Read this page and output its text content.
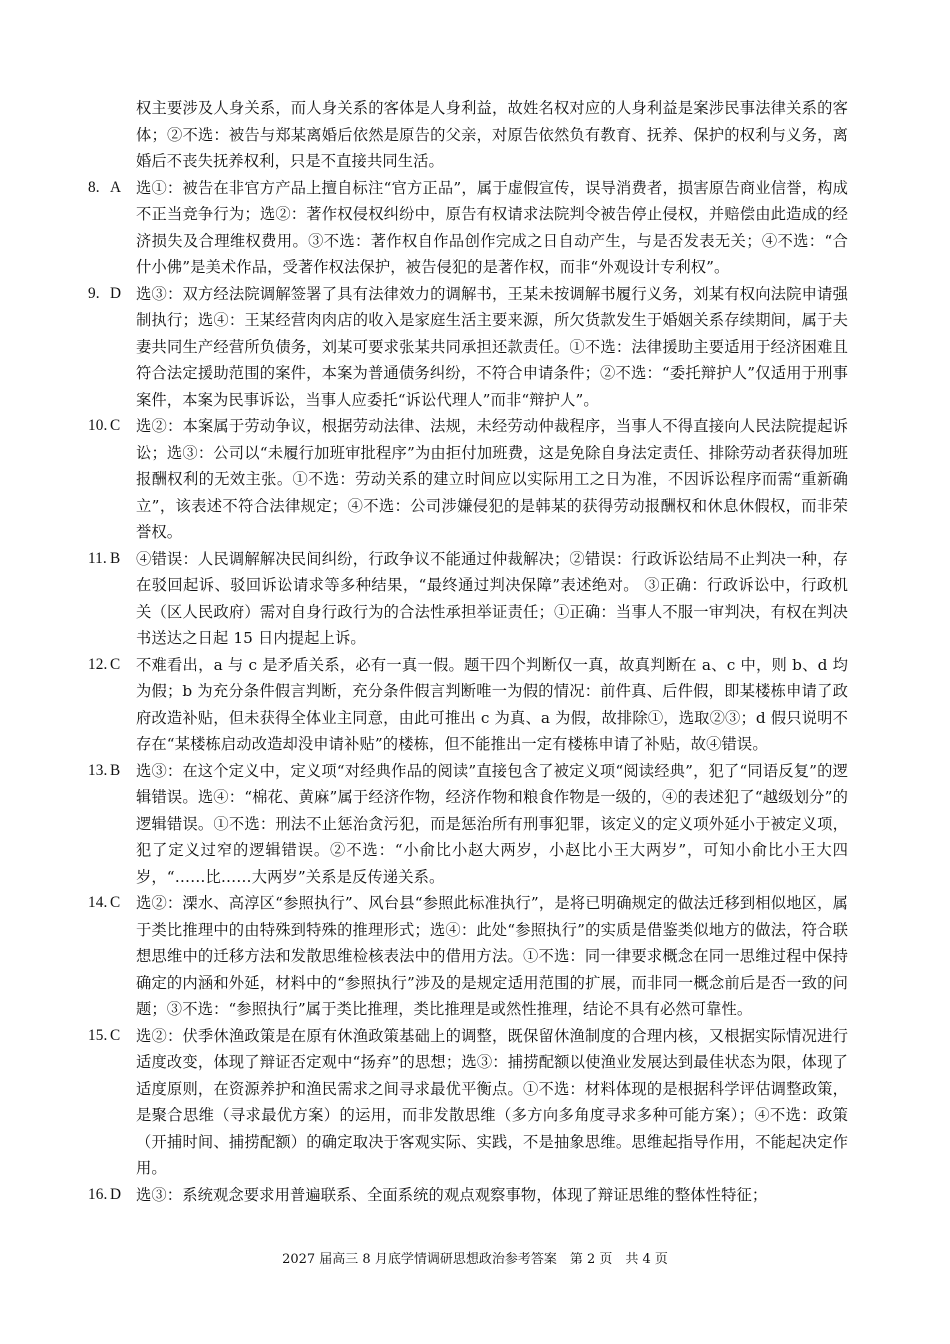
权主要涉及人身关系，而人身关系的客体是人身利益，故姓名权对应的人身利益是案涉民事法律关系的客体；②不选：被告与郑某离婚后依然是原告的父亲，对原告依然负有教育、抚养、保护的权利与义务，离婚后不丧失抚养权利，只是不直接共同生活。
8. A 选①：被告在非官方产品上擅自标注“官方正品”，属于虚假宣传，误导消费者，损害原告商业信誉，构成不正当竞争行为；选②：著作权侵权纠纷中，原告有权请求法院判令被告停止侵权，并赔偿由此造成的经济损失及合理维权费用。③不选：著作权自作品创作完成之日自动产生，与是否发表无关；④不选：“合什小佛”是美术作品，受著作权法保护，被告侵犯的是著作权，而非“外观设计专利权”。
9. D 选③：双方经法院调解签署了具有法律效力的调解书，王某未按调解书履行义务，刘某有权向法院申请强制执行；选④：王某经营肉肉店的收入是家庭生活主要来源，所欠货款发生于婚姻关系存续期间，属于夫妻共同生产经营所负债务，刘某可要求张某共同承担还款责任。①不选：法律援助主要适用于经济困难且符合法定援助范围的案件，本案为普通债务纠纷，不符合申请条件；②不选：“委托辩护人”仅适用于刑事案件，本案为民事诉讼，当事人应委托“诉讼代理人”而非“辩护人”。
10. C	选②：本案属于劳动争议，根据劳动法律、法规，未经劳动仲裁程序，当事人不得直接向人民法院提起诉讼；选③：公司以“未履行加班审批程序”为由拒付加班费，这是免除自身法定责任、排除劳动者获得加班报酬权利的无效主张。①不选：劳动关系的建立时间应以实际用工之日为准，不因诉讼程序而需“重新确立”，该表述不符合法律规定；④不选：公司涉嫌侵犯的是韩某的获得劳动报酬权和休息休假权，而非荣誉权。
11. B	④错误：人民调解解决民间纠纷，行政争议不能通过仲裁解决；②错误：行政诉讼结局不止判决一种，存在驳回起诉、驳回诉讼请求等多种结果，“最终通过判决保障”表述绝对。 ③正确：行政诉讼中，行政机关（区人民政府）需对自身行政行为的合法性承担举证责任；①正确：当事人不服一审判决，有权在判决书送达之日起 15 日内提起上诉。
12. C	不难看出，a 与 c 是矛盾关系，必有一真一假。题干四个判断仅一真，故真判断在 a、c 中，则 b、d 均为假；b 为充分条件假言判断，充分条件假言判断唯一为假的情况：前件真、后件假，即某楼栋申请了政府改造补贴，但未获得全体业主同意，由此可推出 c 为真、a 为假，故排除①，选取②③；d 假只说明不存在“某楼栋启动改造却没申请补贴”的楼栋，但不能推出一定有楼栋申请了补贴，故④错误。
13. B	选③：在这个定义中，定义项“对经典作品的阅读”直接包含了被定义项“阅读经典”，犯了“同语反复”的逻辑错误。选④：“棉花、黄麻”属于经济作物，经济作物和粮食作物是一级的，④的表述犯了“越级划分”的逻辑错误。①不选：刑法不止惩治贪污犯，而是惩治所有刑事犯罪，该定义的定义项外延小于被定义项，犯了定义过窄的逻辑错误。②不选：“小俞比小赵大两岁，小赵比小王大两岁”，可知小俞比小王大四岁，“……比……大两岁”关系是反传递关系。
14. C	选②：溧水、高淳区“参照执行”、风台县“参照此标准执行”，是将已明确规定的做法迁移到相似地区，属于类比推理中的由特殊到特殊的推理形式；选④：此处“参照执行”的实质是借鉴类似地方的做法，符合联想思维中的迁移方法和发散思维检核表法中的借用方法。①不选：同一律要求概念在同一思维过程中保持确定的内涵和外延，材料中的“参照执行”涉及的是规定适用范围的扩展，而非同一概念前后是否一致的问题；③不选：“参照执行”属于类比推理，类比推理是或然性推理，结论不具有必然可靠性。
15. C	选②：伏季休渔政策是在原有休渔政策基础上的调整，既保留休渔制度的合理内核，又根据实际情况进行适度改变，体现了辩证否定观中“扬弃”的思想；选③：捕捞配额以使渔业发展达到最佳状态为限，体现了适度原则，在资源养护和渔民需求之间寻求最优平衡点。①不选：材料体现的是根据科学评估调整政策，是聚合思维（寻求最优方案）的运用，而非发散思维（多方向多角度寻求多种可能方案）；④不选：政策（开捕时间、捕捞配额）的确定取决于客观实际、实践，不是抽象思维。思维起指导作用，不能起决定作用。
16. D 选③：系统观念要求用普遍联系、全面系统的观点观察事物，体现了辩证思维的整体性特征；
2027 届高三 8 月底学情调研思想政治参考答案　第 2 页　共 4 页
